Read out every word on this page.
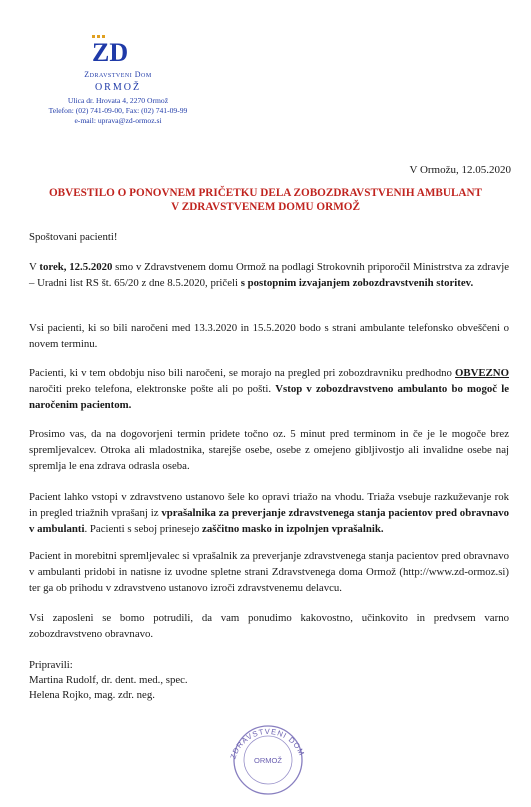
ZD
Zdravstveni Dom
ORMOŽ
Ulica dr. Hrovata 4, 2270 Ormož
Telefon: (02) 741-09-00, Fax: (02) 741-09-99
e-mail: uprava@zd-ormoz.si
V Ormožu, 12.05.2020
OBVESTILO O PONOVNEM PRIČETKU DELA ZOBOZDRAVSTVENIH AMBULANT
V ZDRAVSTVENEM DOMU ORMOŽ
Spoštovani pacienti!
V torek, 12.5.2020 smo v Zdravstvenem domu Ormož na podlagi Strokovnih priporočil Ministrstva za zdravje – Uradni list RS št. 65/20 z dne 8.5.2020, pričeli s postopnim izvajanjem zobozdravstvenih storitev.
Vsi pacienti, ki so bili naročeni med 13.3.2020 in 15.5.2020 bodo s strani ambulante telefonsko obveščeni o novem terminu.
Pacienti, ki v tem obdobju niso bili naročeni, se morajo na pregled pri zobozdravniku predhodno OBVEZNO naročiti preko telefona, elektronske pošte ali po pošti. Vstop v zobozdravstveno ambulanto bo mogoč le naročenim pacientom.
Prosimo vas, da na dogovorjeni termin pridete točno oz. 5 minut pred terminom in če je le mogoče brez spremljevalcev. Otroka ali mladostnika, starejše osebe, osebe z omejeno gibljivostjo ali invalidne osebe naj spremlja le ena zdrava odrasla oseba.
Pacient lahko vstopi v zdravstveno ustanovo šele ko opravi triažo na vhodu. Triaža vsebuje razkuževanje rok in pregled triažnih vprašanj iz vprašalnika za preverjanje zdravstvenega stanja pacientov pred obravnavo v ambulanti. Pacienti s seboj prinesejo zaščitno masko in izpolnjen vprašalnik.
Pacient in morebitni spremljevalec si vprašalnik za preverjanje zdravstvenega stanja pacientov pred obravnavo v ambulanti pridobi in natisne iz uvodne spletne strani Zdravstvenega doma Ormož (http://www.zd-ormoz.si) ter ga ob prihodu v zdravstveno ustanovo izroči zdravstvenemu delavcu.
Vsi zaposleni se bomo potrudili, da vam ponudimo kakovostno, učinkovito in predvsem varno zobozdravstveno obravnavo.
Pripravili:
Martina Rudolf, dr. dent. med., spec.
Helena Rojko, mag. zdr. neg.
ZDRAVSTVENI DOM
ORMOŽ
